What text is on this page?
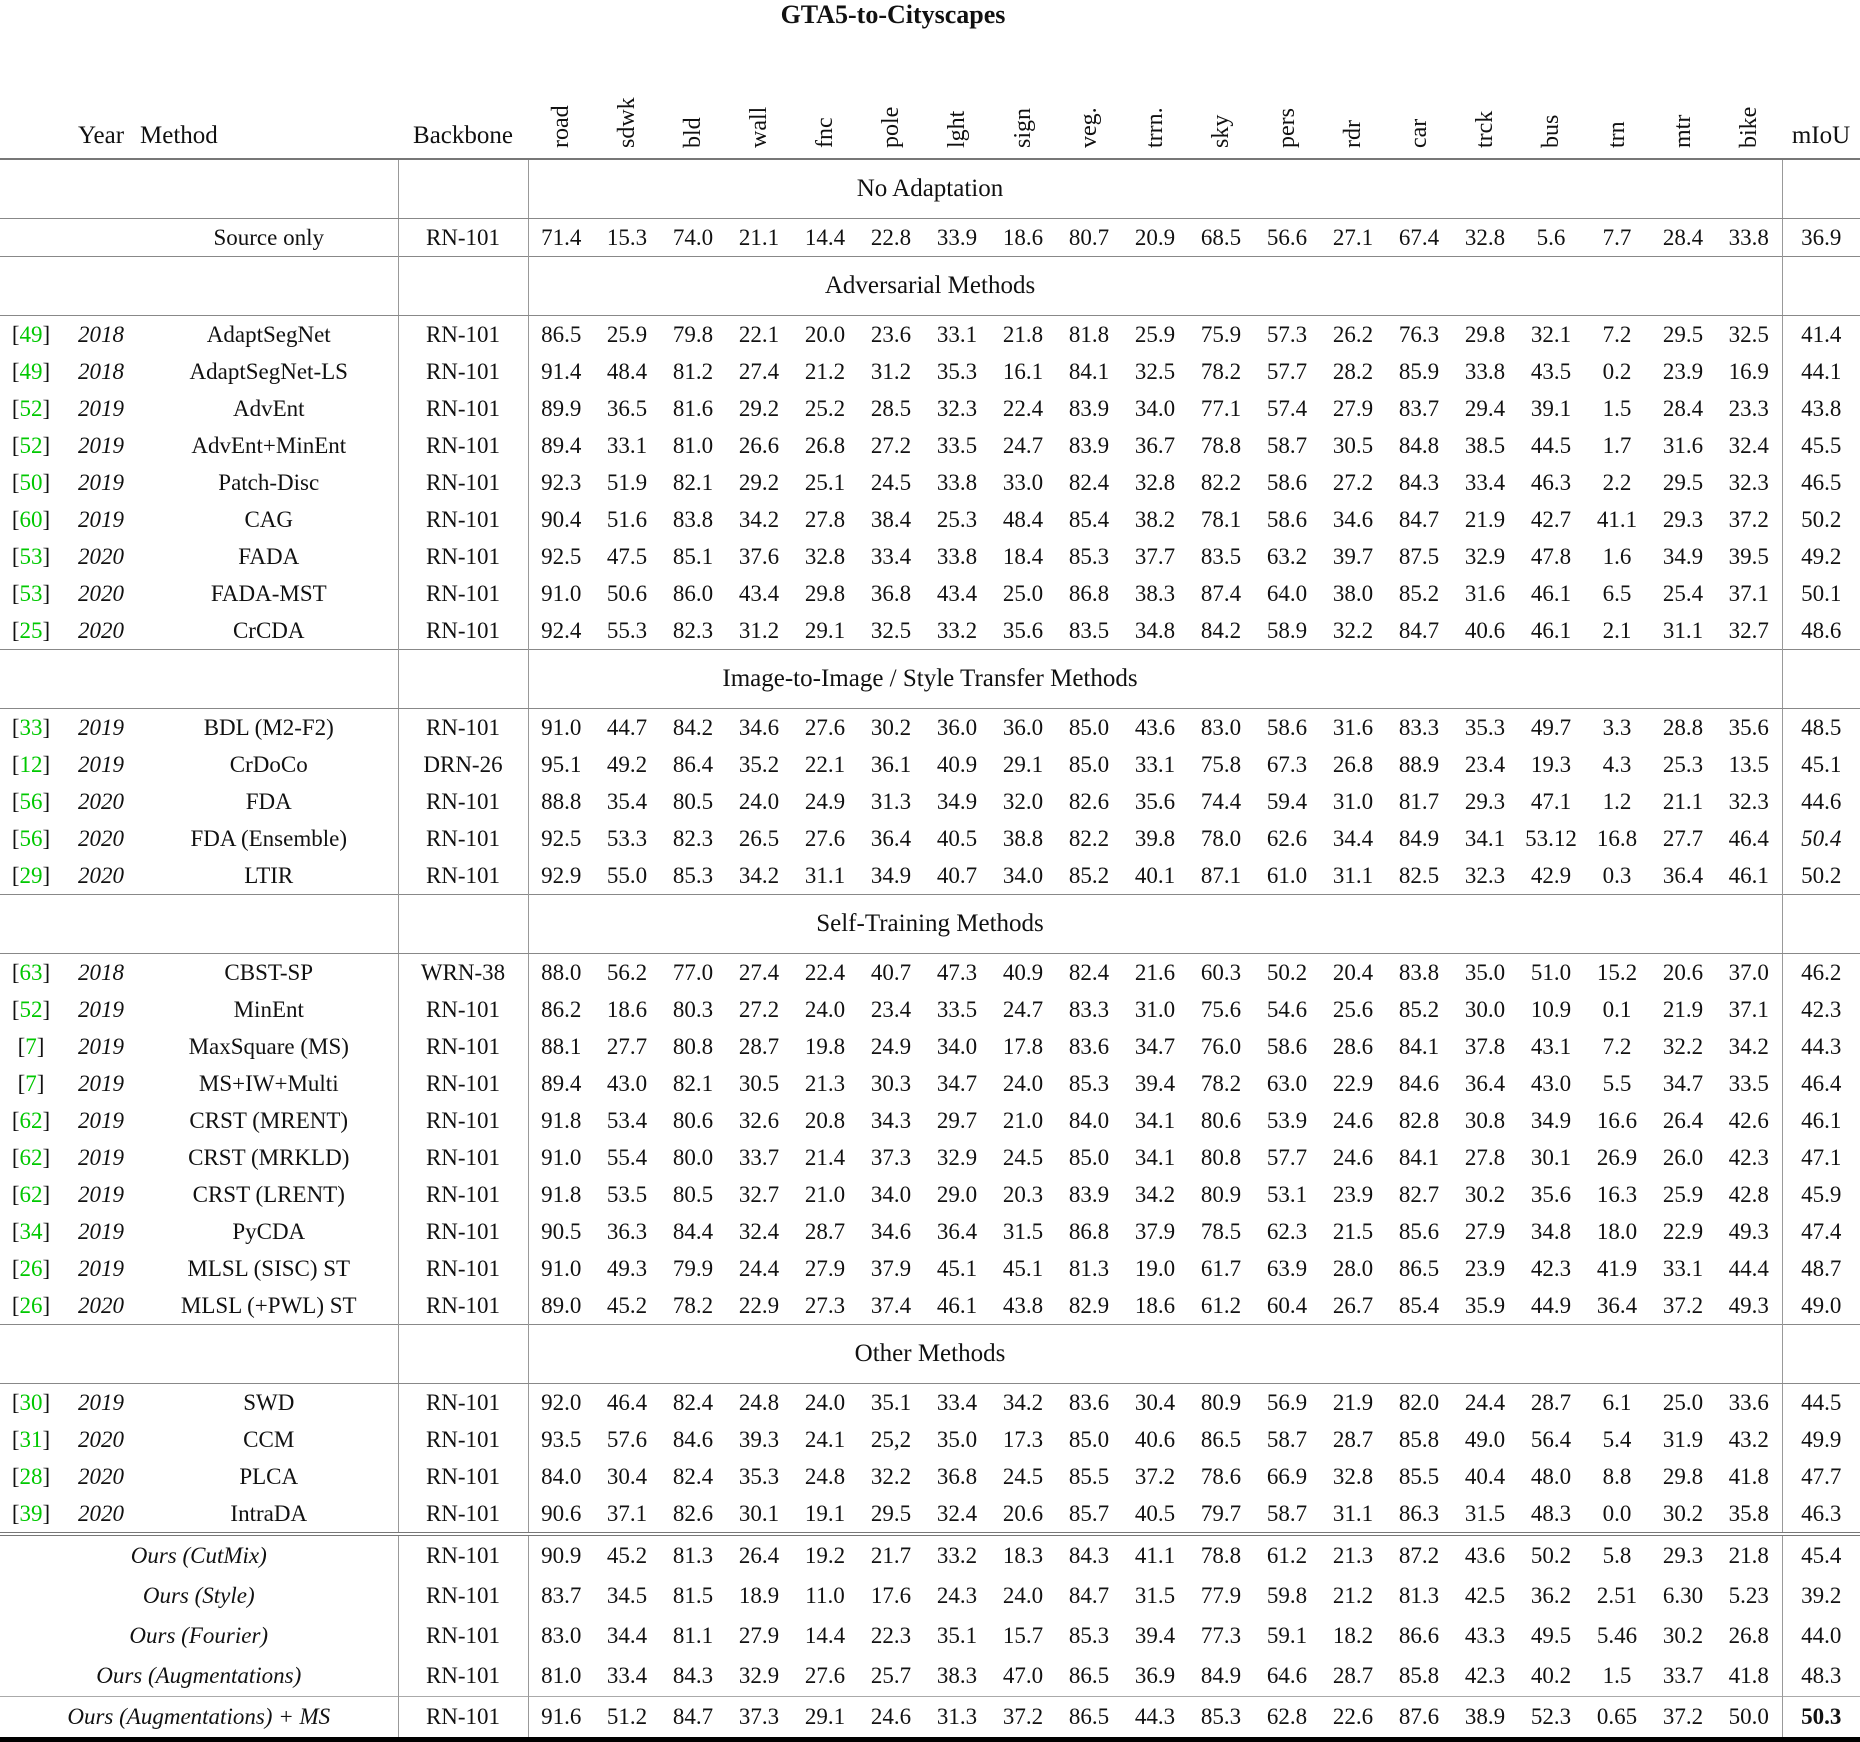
GTA5-to-Cityscapes
	Year	Method	Backbone	road	sdwk	bld	wall	fnc	pole	lght	sign	veg.	trrn.	sky	pers	rdr	car	trck	bus	trn	mtr	bike	mIoU
No Adaptation																							
		Source only	RN-101	71.4	15.3	74.0	21.1	14.4	22.8	33.9	18.6	80.7	20.9	68.5	56.6	27.1	67.4	32.8	5.6	7.7	28.4	33.8	36.9
Adversarial Methods																							
[49]	2018	AdaptSegNet	RN-101	86.5	25.9	79.8	22.1	20.0	23.6	33.1	21.8	81.8	25.9	75.9	57.3	26.2	76.3	29.8	32.1	7.2	29.5	32.5	41.4
[49]	2018	AdaptSegNet-LS	RN-101	91.4	48.4	81.2	27.4	21.2	31.2	35.3	16.1	84.1	32.5	78.2	57.7	28.2	85.9	33.8	43.5	0.2	23.9	16.9	44.1
[52]	2019	AdvEnt	RN-101	89.9	36.5	81.6	29.2	25.2	28.5	32.3	22.4	83.9	34.0	77.1	57.4	27.9	83.7	29.4	39.1	1.5	28.4	23.3	43.8
[52]	2019	AdvEnt+MinEnt	RN-101	89.4	33.1	81.0	26.6	26.8	27.2	33.5	24.7	83.9	36.7	78.8	58.7	30.5	84.8	38.5	44.5	1.7	31.6	32.4	45.5
[50]	2019	Patch-Disc	RN-101	92.3	51.9	82.1	29.2	25.1	24.5	33.8	33.0	82.4	32.8	82.2	58.6	27.2	84.3	33.4	46.3	2.2	29.5	32.3	46.5
[60]	2019	CAG	RN-101	90.4	51.6	83.8	34.2	27.8	38.4	25.3	48.4	85.4	38.2	78.1	58.6	34.6	84.7	21.9	42.7	41.1	29.3	37.2	50.2
[53]	2020	FADA	RN-101	92.5	47.5	85.1	37.6	32.8	33.4	33.8	18.4	85.3	37.7	83.5	63.2	39.7	87.5	32.9	47.8	1.6	34.9	39.5	49.2
[53]	2020	FADA-MST	RN-101	91.0	50.6	86.0	43.4	29.8	36.8	43.4	25.0	86.8	38.3	87.4	64.0	38.0	85.2	31.6	46.1	6.5	25.4	37.1	50.1
[25]	2020	CrCDA	RN-101	92.4	55.3	82.3	31.2	29.1	32.5	33.2	35.6	83.5	34.8	84.2	58.9	32.2	84.7	40.6	46.1	2.1	31.1	32.7	48.6
Image-to-Image / Style Transfer Methods																							
[33]	2019	BDL (M2-F2)	RN-101	91.0	44.7	84.2	34.6	27.6	30.2	36.0	36.0	85.0	43.6	83.0	58.6	31.6	83.3	35.3	49.7	3.3	28.8	35.6	48.5
[12]	2019	CrDoCo	DRN-26	95.1	49.2	86.4	35.2	22.1	36.1	40.9	29.1	85.0	33.1	75.8	67.3	26.8	88.9	23.4	19.3	4.3	25.3	13.5	45.1
[56]	2020	FDA	RN-101	88.8	35.4	80.5	24.0	24.9	31.3	34.9	32.0	82.6	35.6	74.4	59.4	31.0	81.7	29.3	47.1	1.2	21.1	32.3	44.6
[56]	2020	FDA (Ensemble)	RN-101	92.5	53.3	82.3	26.5	27.6	36.4	40.5	38.8	82.2	39.8	78.0	62.6	34.4	84.9	34.1	53.12	16.8	27.7	46.4	50.4
[29]	2020	LTIR	RN-101	92.9	55.0	85.3	34.2	31.1	34.9	40.7	34.0	85.2	40.1	87.1	61.0	31.1	82.5	32.3	42.9	0.3	36.4	46.1	50.2
Self-Training Methods																							
[63]	2018	CBST-SP	WRN-38	88.0	56.2	77.0	27.4	22.4	40.7	47.3	40.9	82.4	21.6	60.3	50.2	20.4	83.8	35.0	51.0	15.2	20.6	37.0	46.2
[52]	2019	MinEnt	RN-101	86.2	18.6	80.3	27.2	24.0	23.4	33.5	24.7	83.3	31.0	75.6	54.6	25.6	85.2	30.0	10.9	0.1	21.9	37.1	42.3
[7]	2019	MaxSquare (MS)	RN-101	88.1	27.7	80.8	28.7	19.8	24.9	34.0	17.8	83.6	34.7	76.0	58.6	28.6	84.1	37.8	43.1	7.2	32.2	34.2	44.3
[7]	2019	MS+IW+Multi	RN-101	89.4	43.0	82.1	30.5	21.3	30.3	34.7	24.0	85.3	39.4	78.2	63.0	22.9	84.6	36.4	43.0	5.5	34.7	33.5	46.4
[62]	2019	CRST (MRENT)	RN-101	91.8	53.4	80.6	32.6	20.8	34.3	29.7	21.0	84.0	34.1	80.6	53.9	24.6	82.8	30.8	34.9	16.6	26.4	42.6	46.1
[62]	2019	CRST (MRKLD)	RN-101	91.0	55.4	80.0	33.7	21.4	37.3	32.9	24.5	85.0	34.1	80.8	57.7	24.6	84.1	27.8	30.1	26.9	26.0	42.3	47.1
[62]	2019	CRST (LRENT)	RN-101	91.8	53.5	80.5	32.7	21.0	34.0	29.0	20.3	83.9	34.2	80.9	53.1	23.9	82.7	30.2	35.6	16.3	25.9	42.8	45.9
[34]	2019	PyCDA	RN-101	90.5	36.3	84.4	32.4	28.7	34.6	36.4	31.5	86.8	37.9	78.5	62.3	21.5	85.6	27.9	34.8	18.0	22.9	49.3	47.4
[26]	2019	MLSL (SISC) ST	RN-101	91.0	49.3	79.9	24.4	27.9	37.9	45.1	45.1	81.3	19.0	61.7	63.9	28.0	86.5	23.9	42.3	41.9	33.1	44.4	48.7
[26]	2020	MLSL (+PWL) ST	RN-101	89.0	45.2	78.2	22.9	27.3	37.4	46.1	43.8	82.9	18.6	61.2	60.4	26.7	85.4	35.9	44.9	36.4	37.2	49.3	49.0
Other Methods																							
[30]	2019	SWD	RN-101	92.0	46.4	82.4	24.8	24.0	35.1	33.4	34.2	83.6	30.4	80.9	56.9	21.9	82.0	24.4	28.7	6.1	25.0	33.6	44.5
[31]	2020	CCM	RN-101	93.5	57.6	84.6	39.3	24.1	25,2	35.0	17.3	85.0	40.6	86.5	58.7	28.7	85.8	49.0	56.4	5.4	31.9	43.2	49.9
[28]	2020	PLCA	RN-101	84.0	30.4	82.4	35.3	24.8	32.2	36.8	24.5	85.5	37.2	78.6	66.9	32.8	85.5	40.4	48.0	8.8	29.8	41.8	47.7
[39]	2020	IntraDA	RN-101	90.6	37.1	82.6	30.1	19.1	29.5	32.4	20.6	85.7	40.5	79.7	58.7	31.1	86.3	31.5	48.3	0.0	30.2	35.8	46.3
Ours (CutMix)			RN-101	90.9	45.2	81.3	26.4	19.2	21.7	33.2	18.3	84.3	41.1	78.8	61.2	21.3	87.2	43.6	50.2	5.8	29.3	21.8	45.4
Ours (Style)			RN-101	83.7	34.5	81.5	18.9	11.0	17.6	24.3	24.0	84.7	31.5	77.9	59.8	21.2	81.3	42.5	36.2	2.51	6.30	5.23	39.2
Ours (Fourier)			RN-101	83.0	34.4	81.1	27.9	14.4	22.3	35.1	15.7	85.3	39.4	77.3	59.1	18.2	86.6	43.3	49.5	5.46	30.2	26.8	44.0
Ours (Augmentations)			RN-101	81.0	33.4	84.3	32.9	27.6	25.7	38.3	47.0	86.5	36.9	84.9	64.6	28.7	85.8	42.3	40.2	1.5	33.7	41.8	48.3
Ours (Augmentations) + MS			RN-101	91.6	51.2	84.7	37.3	29.1	24.6	31.3	37.2	86.5	44.3	85.3	62.8	22.6	87.6	38.9	52.3	0.65	37.2	50.0	50.3
